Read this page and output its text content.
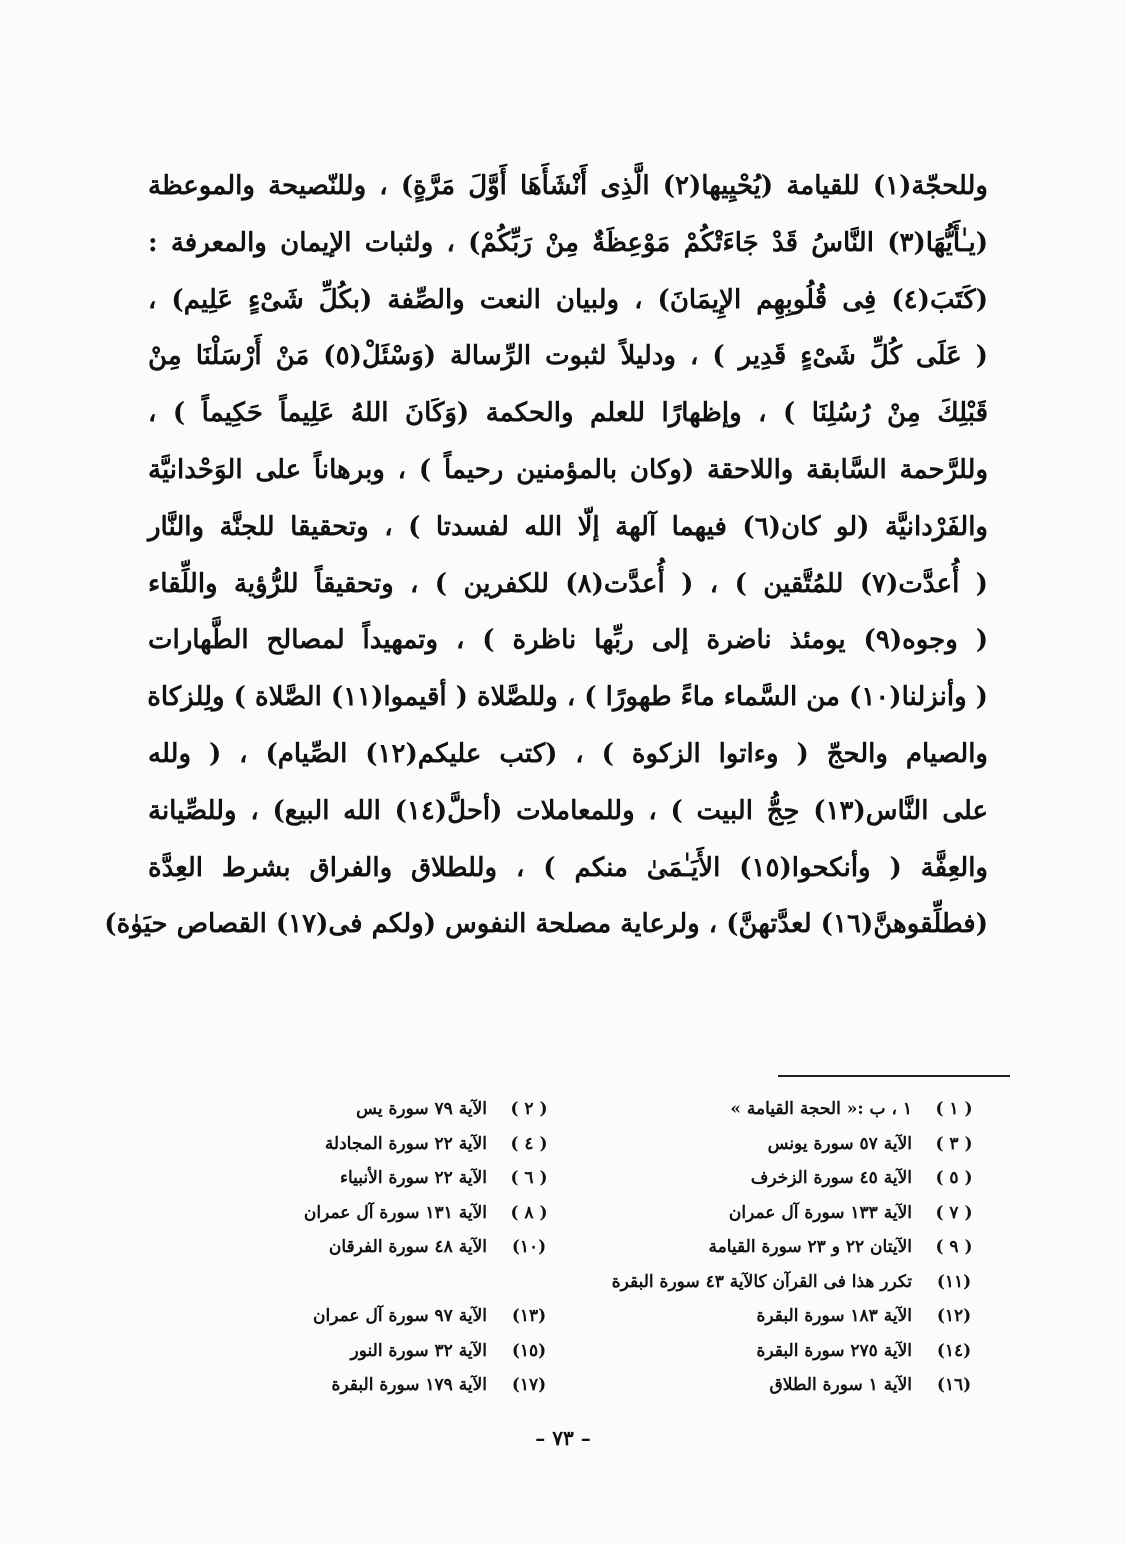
وللحجّة(١) للقيامة (يُحْيِيها(٢) الَّذِى أَنْشَأَهَا أَوَّلَ مَرَّةٍ) ، وللنّصيحة والموعظة
(يـٰأَيُّهَا(٣) النَّاسُ قَدْ جَاءَتْكُمْ مَوْعِظَةٌ مِنْ رَبِّكُمْ) ، ولثبات الإيمان والمعرفة :
(كَتَبَ(٤) فِى قُلُوبِهِم الإِيمَانَ) ، ولبيان النعت والصِّفة (بكُلِّ شَىْءٍ عَلِيم) ،
( عَلَى كُلِّ شَىْءٍ قَدِير ) ، ودليلاً لثبوت الرِّسالة (وَسْئَلْ(٥) مَنْ أَرْسَلْنَا مِنْ
قَبْلِكَ مِنْ رُسُلِنَا ) ، وإظهارًا للعلم والحكمة (وَكَانَ اللهُ عَلِيماً حَكِيماً ) ،
وللرَّحمة السَّابقة واللاحقة (وكان بالمؤمنين رحيماً ) ، وبرهاناً على الوَحْدانيَّة
والفَرْدانيَّة (لو كان(٦) فيهما آلهة إلّا الله لفسدتا ) ، وتحقيقا للجنَّة والنَّار
( أُعدَّت(٧) للمُتَّقين ) ، ( أُعدَّت(٨) للكفرين ) ، وتحقيقاً للرُّؤية واللِّقاء
( وجوه(٩) يومئذ ناضرة إلى ربِّها ناظرة ) ، وتمهيداً لمصالح الطَّهارات
( وأنزلنا(١٠) من السَّماء ماءً طهورًا ) ، وللصَّلاة ( أقيموا(١١) الصَّلاة ) ولِلزكاة
والصيام والحجّ ( وءاتوا الزكوة ) ، (كتب عليكم(١٢) الصِّيام) ، ( ولله
على النَّاس(١٣) حِجُّ البيت ) ، وللمعاملات (أحلَّ(١٤) الله البيع) ، وللصِّيانة
والعِفَّة ( وأنكحوا(١٥) الأَيَـٰمَىٰ منكم ) ، وللطلاق والفراق بشرط العِدَّة
(فطلِّقوهنَّ(١٦) لعدَّتهنَّ) ، ولرعاية مصلحة النفوس (ولكم فى(١٧) القصاص حيَوٰة)
( ١ )
١ ، ب :« الحجة القيامة »
( ٢ )
الآية ٧٩ سورة يس
( ٣ )
الآية ٥٧ سورة يونس
( ٤ )
الآية ٢٢ سورة المجادلة
( ٥ )
الآية ٤٥ سورة الزخرف
( ٦ )
الآية ٢٢ سورة الأنبياء
( ٧ )
الآية ١٣٣ سورة آل عمران
( ٨ )
الآية ١٣١ سورة آل عمران
( ٩ )
الآيتان ٢٢ و ٢٣ سورة القيامة
(١٠)
الآية ٤٨ سورة الفرقان
(١١)
تكرر هذا فى القرآن كالآية ٤٣ سورة البقرة
(١٢)
الآية ١٨٣ سورة البقرة
(١٣)
الآية ٩٧ سورة آل عمران
(١٤)
الآية ٢٧٥ سورة البقرة
(١٥)
الآية ٣٢ سورة النور
(١٦)
الآية ١ سورة الطلاق
(١٧)
الآية ١٧٩ سورة البقرة
– ٧٣ –
